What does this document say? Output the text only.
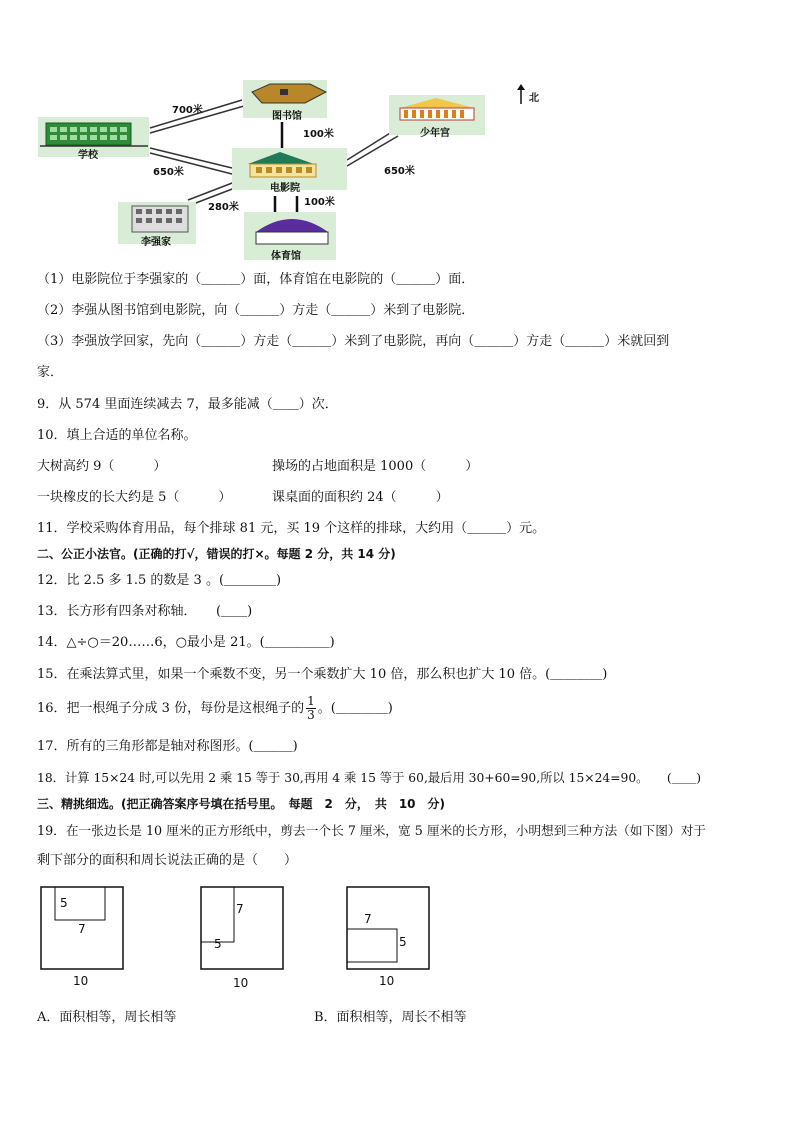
北
图书馆
学校
电影院
少年宫
李强家
体育馆
700米
100米
650米	650米
280米	100米
（1）电影院位于李强家的（＿＿＿）面，体育馆在电影院的（＿＿＿）面．
（2）李强从图书馆到电影院，向（＿＿＿）方走（＿＿＿）米到了电影院．
（3）李强放学回家，先向（＿＿＿）方走（＿＿＿）米到了电影院，再向（＿＿＿）方走（＿＿＿）米就回到
家．
9．从 574 里面连续减去 7，最多能减（＿＿）次．
10．填上合适的单位名称。
大树高约 9（　　　）	操场的占地面积是 1000（　　　）
一块橡皮的长大约是 5（　　　）	课桌面的面积约 24（　　　）
11．学校采购体育用品，每个排球 81 元，买 19 个这样的排球，大约用（＿＿＿）元。
二、公正小法官。(正确的打√，错误的打×。每题 2 分，共 14 分)
12．比 2.5 多 1.5 的数是 3 。(＿＿＿＿)
13．长方形有四条对称轴．　　(＿＿)
14．△÷○＝20……6，○最小是 21。(＿＿＿＿＿)
15．在乘法算式里，如果一个乘数不变，另一个乘数扩大 10 倍，那么积也扩大 10 倍。(＿＿＿＿)
16．把一根绳子分成 3 份，每份是这根绳子的 $\frac{1}{3}$ 。(＿＿＿＿)
17．所有的三角形都是轴对称图形。(＿＿＿)
18．计算 15×24 时,可以先用 2 乘 15 等于 30,再用 4 乘 15 等于 60,最后用 30+60=90,所以 15×24=90。　　(＿＿)
三、精挑细选。(把正确答案序号填在括号里。　每题　2　分，　共　10　分)
19．在一张边长是 10 厘米的正方形纸中，剪去一个长 7 厘米，宽 5 厘米的长方形，小明想到三种方法（如下图）对于
剩下部分的面积和周长说法正确的是（　　）
5
7
10
7
5
10
7
5
10
A．面积相等，周长相等	B．面积相等，周长不相等
